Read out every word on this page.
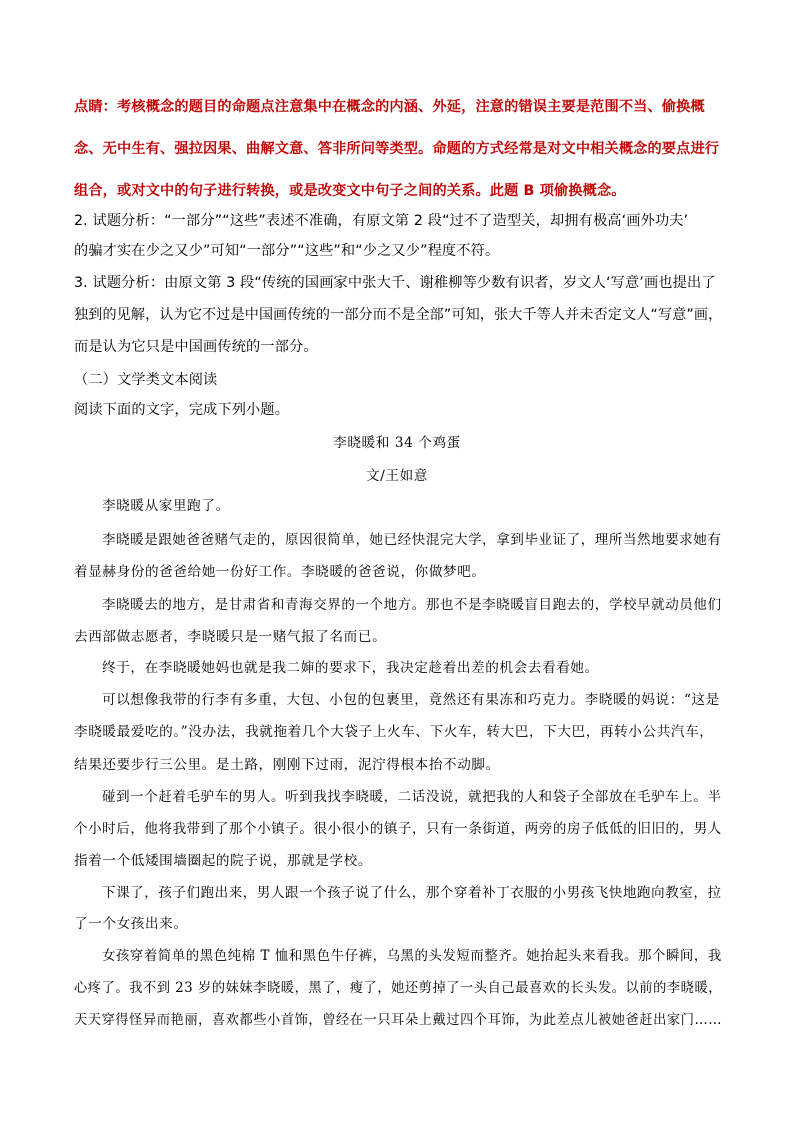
点睛：考核概念的题目的命题点注意集中在概念的内涵、外延，注意的错误主要是范围不当、偷换概
念、无中生有、强拉因果、曲解文意、答非所问等类型。命题的方式经常是对文中相关概念的要点进行
组合，或对文中的句子进行转换，或是改变文中句子之间的关系。此题 B 项偷换概念。
2. 试题分析：“一部分”“这些”表述不准确，有原文第 2 段“过不了造型关，却拥有极高‘画外功夫’
的骗才实在少之又少”可知“一部分”“这些”和“少之又少”程度不符。
3. 试题分析：由原文第 3 段“传统的国画家中张大千、谢稚柳等少数有识者，岁文人‘写意’画也提出了
独到的见解，认为它不过是中国画传统的一部分而不是全部”可知，张大千等人并未否定文人“写意”画，
而是认为它只是中国画传统的一部分。
（二）文学类文本阅读
阅读下面的文字，完成下列小题。
李晓暖和 34 个鸡蛋
文/王如意
李晓暖从家里跑了。
李晓暖是跟她爸爸赌气走的，原因很简单，她已经快混完大学，拿到毕业证了，理所当然地要求她有
着显赫身份的爸爸给她一份好工作。李晓暖的爸爸说，你做梦吧。
李晓暖去的地方，是甘肃省和青海交界的一个地方。那也不是李晓暖盲目跑去的，学校早就动员他们
去西部做志愿者，李晓暖只是一赌气报了名而已。
终于，在李晓暖她妈也就是我二婶的要求下，我决定趁着出差的机会去看看她。
可以想像我带的行李有多重，大包、小包的包裹里，竟然还有果冻和巧克力。李晓暖的妈说：“这是
李晓暖最爱吃的。”没办法，我就拖着几个大袋子上火车、下火车，转大巴，下大巴，再转小公共汽车，
结果还要步行三公里。是土路，刚刚下过雨，泥泞得根本抬不动脚。
碰到一个赶着毛驴车的男人。听到我找李晓暖，二话没说，就把我的人和袋子全部放在毛驴车上。半
个小时后，他将我带到了那个小镇子。很小很小的镇子，只有一条街道，两旁的房子低低的旧旧的，男人
指着一个低矮围墙圈起的院子说，那就是学校。
下课了，孩子们跑出来，男人跟一个孩子说了什么，那个穿着补丁衣服的小男孩飞快地跑向教室，拉
了一个女孩出来。
女孩穿着简单的黑色纯棉 T 恤和黑色牛仔裤，乌黑的头发短而整齐。她抬起头来看我。那个瞬间，我
心疼了。我不到 23 岁的妹妹李晓暖，黑了，瘦了，她还剪掉了一头自己最喜欢的长头发。以前的李晓暖，
天天穿得怪异而艳丽，喜欢都些小首饰，曾经在一只耳朵上戴过四个耳饰，为此差点儿被她爸赶出家门……
